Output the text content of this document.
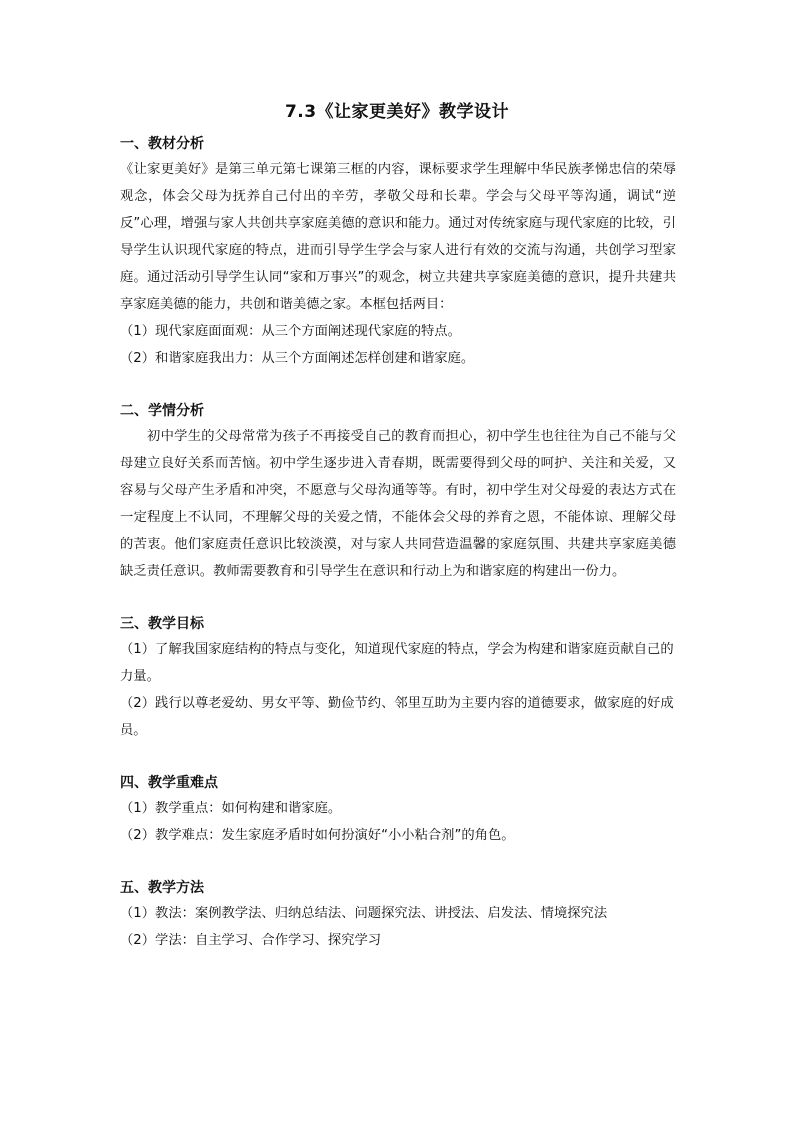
7.3《让家更美好》教学设计

一、教材分析

《让家更美好》是第三单元第七课第三框的内容，课标要求学生理解中华民族孝悌忠信的荣辱观念，体会父母为抚养自己付出的辛劳，孝敬父母和长辈。学会与父母平等沟通，调试“逆反”心理，增强与家人共创共享家庭美德的意识和能力。通过对传统家庭与现代家庭的比较，引导学生认识现代家庭的特点，进而引导学生学会与家人进行有效的交流与沟通，共创学习型家庭。通过活动引导学生认同“家和万事兴”的观念，树立共建共享家庭美德的意识，提升共建共享家庭美德的能力，共创和谐美德之家。本框包括两目：

（1）现代家庭面面观：从三个方面阐述现代家庭的特点。

（2）和谐家庭我出力：从三个方面阐述怎样创建和谐家庭。

二、学情分析

初中学生的父母常常为孩子不再接受自己的教育而担心，初中学生也往往为自己不能与父母建立良好关系而苦恼。初中学生逐步进入青春期，既需要得到父母的呵护、关注和关爱，又容易与父母产生矛盾和冲突，不愿意与父母沟通等等。有时，初中学生对父母爱的表达方式在一定程度上不认同，不理解父母的关爱之情，不能体会父母的养育之恩，不能体谅、理解父母的苦衷。他们家庭责任意识比较淡漠，对与家人共同营造温馨的家庭氛围、共建共享家庭美德缺乏责任意识。教师需要教育和引导学生在意识和行动上为和谐家庭的构建出一份力。

三、教学目标

（1）了解我国家庭结构的特点与变化，知道现代家庭的特点，学会为构建和谐家庭贡献自己的力量。

（2）践行以尊老爱幼、男女平等、勤俭节约、邻里互助为主要内容的道德要求，做家庭的好成员。

四、教学重难点

（1）教学重点：如何构建和谐家庭。

（2）教学难点：发生家庭矛盾时如何扮演好“小小粘合剂”的角色。

五、教学方法

（1）教法：案例教学法、归纳总结法、问题探究法、讲授法、启发法、情境探究法

（2）学法：自主学习、合作学习、探究学习
